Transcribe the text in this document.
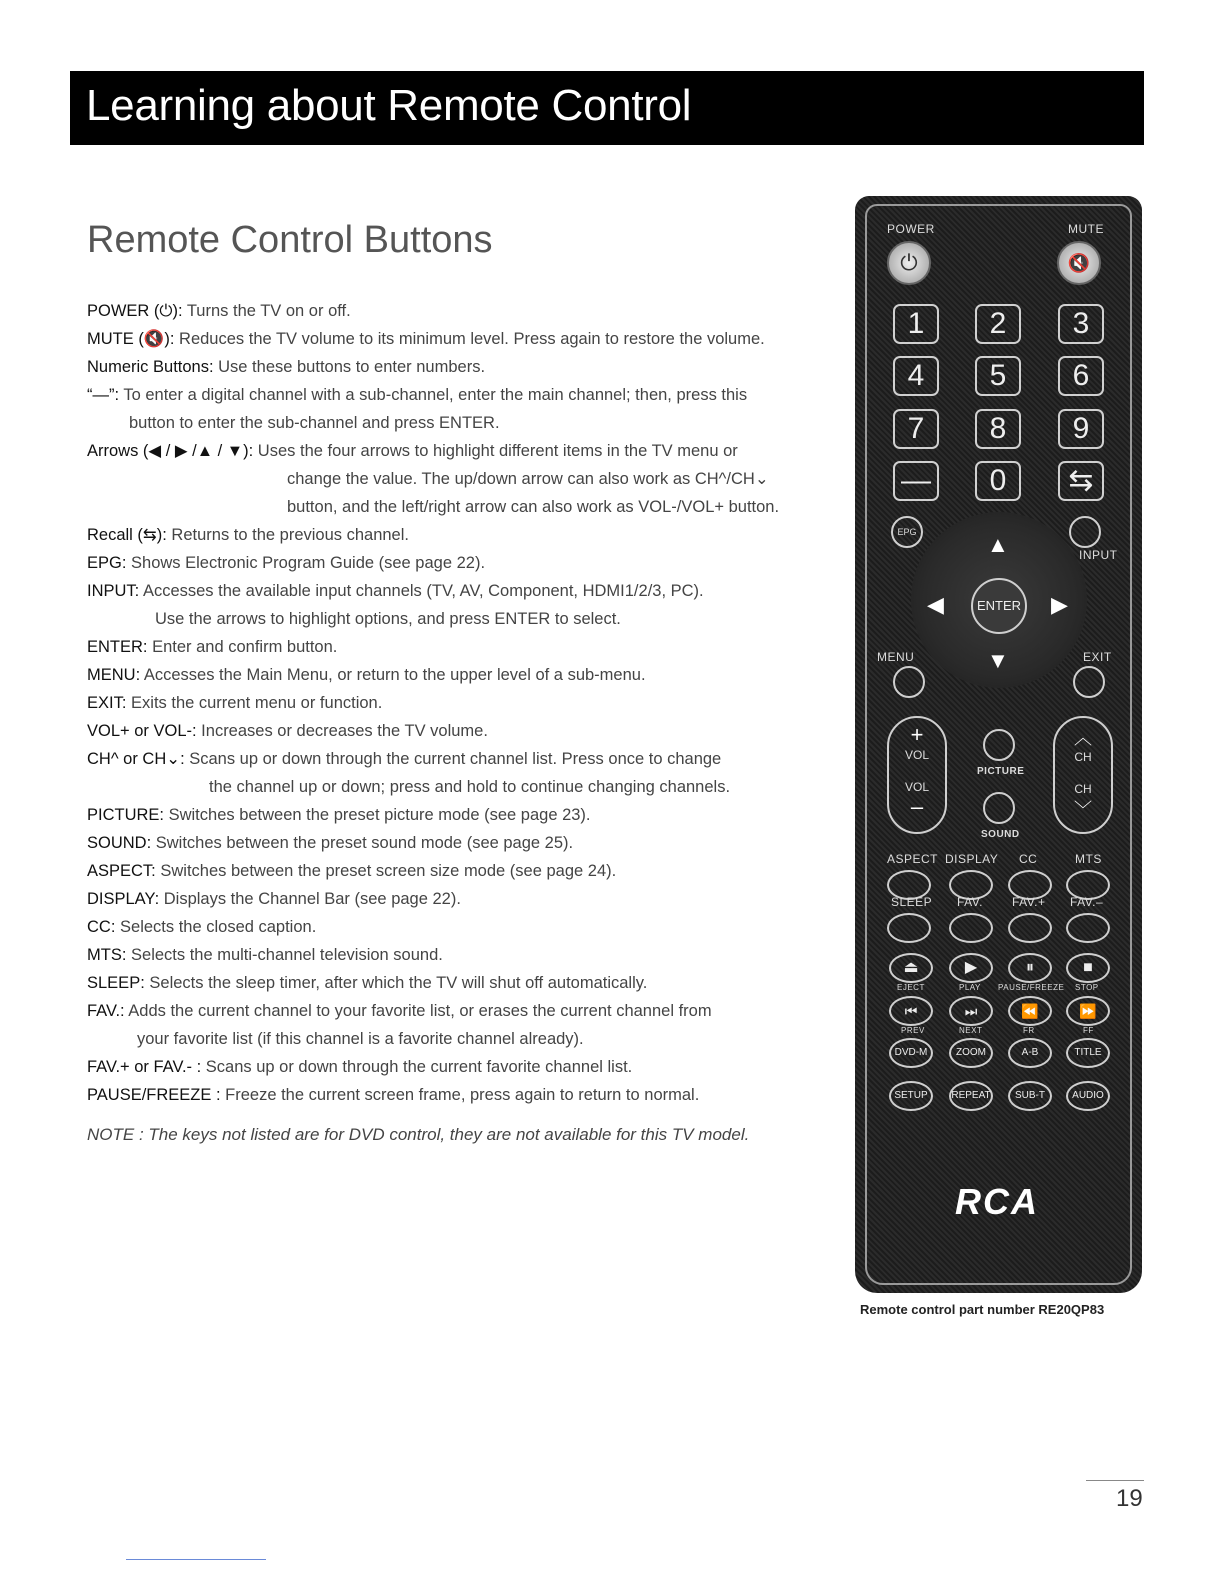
Learning about Remote Control
Remote Control Buttons
POWER (⏻): Turns the TV on or off.
MUTE (🔇): Reduces the TV volume to its minimum level. Press again to restore the volume.
Numeric Buttons: Use these buttons to enter numbers.
“—”: To enter a digital channel with a sub-channel, enter the main channel; then, press this
button to enter the sub-channel and press ENTER.
Arrows (◀ / ▶ /▲ / ▼): Uses the four arrows to highlight different items in the TV menu or
change the value. The up/down arrow can also work as CH^/CH⌄
button, and the left/right arrow can also work as VOL-/VOL+ button.
Recall (⇆): Returns to the previous channel.
EPG: Shows Electronic Program Guide (see page 22).
INPUT: Accesses the available input channels (TV, AV, Component, HDMI1/2/3, PC).
Use the arrows to highlight options, and press ENTER to select.
ENTER: Enter and confirm button.
MENU: Accesses the Main Menu, or return to the upper level of a sub-menu.
EXIT: Exits the current menu or function.
VOL+ or VOL-: Increases or decreases the TV volume.
CH^ or CH⌄: Scans up or down through the current channel list. Press once to change
the channel up or down; press and hold to continue changing channels.
PICTURE: Switches between the preset picture mode (see page 23).
SOUND: Switches between the preset sound mode (see page 25).
ASPECT: Switches between the preset screen size mode (see page 24).
DISPLAY: Displays the Channel Bar (see page 22).
CC: Selects the closed caption.
MTS: Selects the multi-channel television sound.
SLEEP: Selects the sleep timer, after which the TV will shut off automatically.
FAV.: Adds the current channel to your favorite list, or erases the current channel from
your favorite list (if this channel is a favorite channel already).
FAV.+ or FAV.- : Scans up or down through the current favorite channel list.
PAUSE/FREEZE : Freeze the current screen frame, press again to return to normal.
NOTE : The keys not listed are for DVD control, they are not available for this TV model.
POWER	MUTE
⏻	🔇
1	2	3
4	5	6
7	8	9
—	0	⇆
EPG
INPUT
▲
▼
◀	▶
ENTER
MENU	EXIT
+
VOL
VOL
–
︿
CH
CH
﹀
PICTURE
SOUND
ASPECT DISPLAY CC	MTS
SLEEP FAV. FAV.+ FAV.–
⏏	▶	⏸	■
EJECT	PLAY PAUSE/FREEZE STOP
⏮	⏭	⏪	⏩
PREV	NEXT	FR	FF
DVD-M	ZOOM	A-B	TITLE
SETUP	REPEAT	SUB-T	AUDIO
RCA
Remote control part number RE20QP83
19
